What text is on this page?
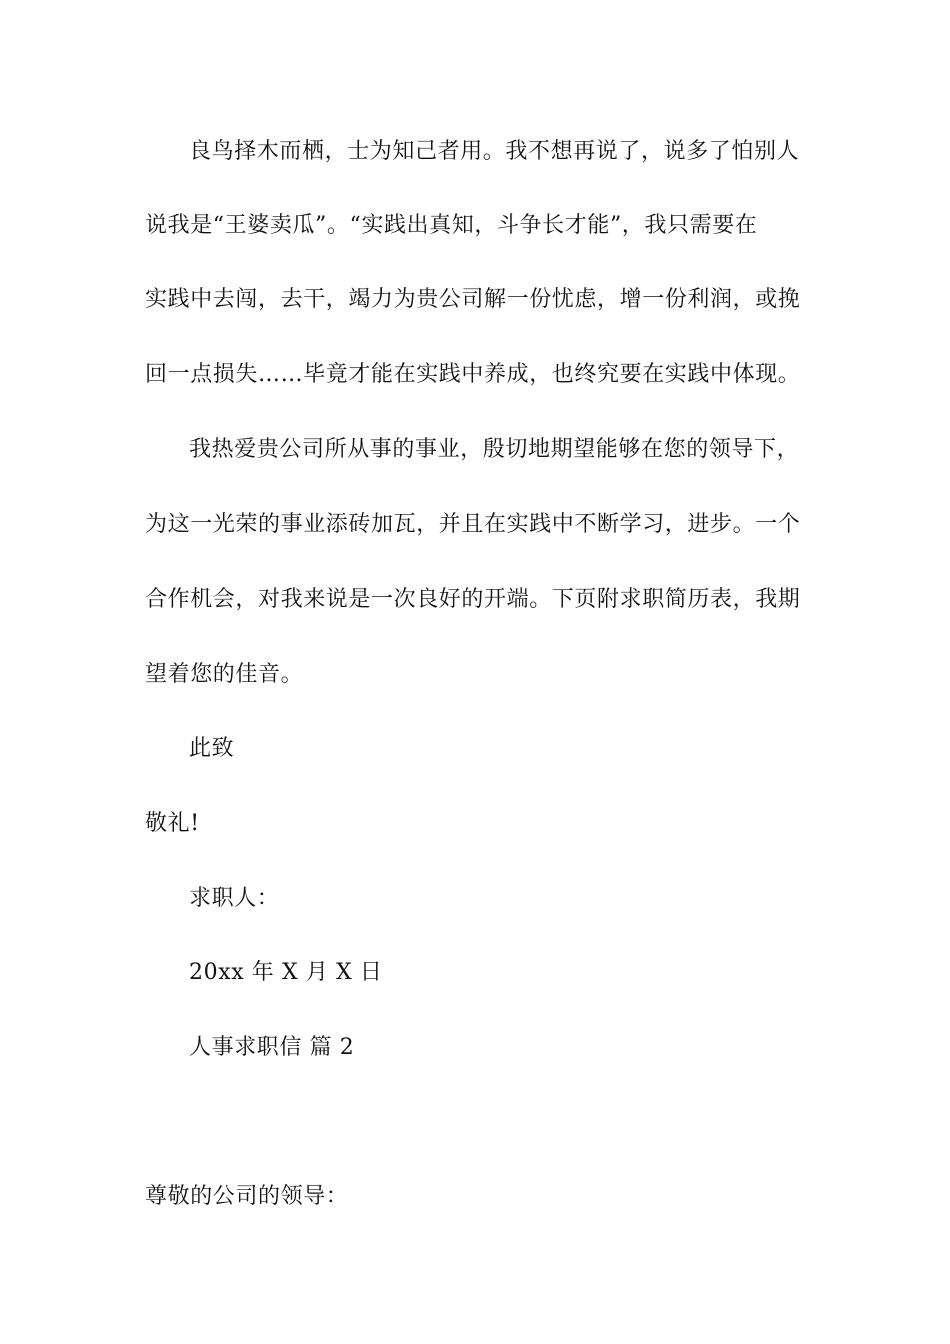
良鸟择木而栖，士为知己者用。我不想再说了，说多了怕别人
说我是“王婆卖瓜”。“实践出真知，斗争长才能”，我只需要在
实践中去闯，去干，竭力为贵公司解一份忧虑，增一份利润，或挽
回一点损失……毕竟才能在实践中养成，也终究要在实践中体现。
我热爱贵公司所从事的事业，殷切地期望能够在您的领导下，
为这一光荣的事业添砖加瓦，并且在实践中不断学习，进步。一个
合作机会，对我来说是一次良好的开端。下页附求职简历表，我期
望着您的佳音。
此致
敬礼!
求职人：
20xx 年 X 月 X 日
人事求职信 篇 2
尊敬的公司的领导：
